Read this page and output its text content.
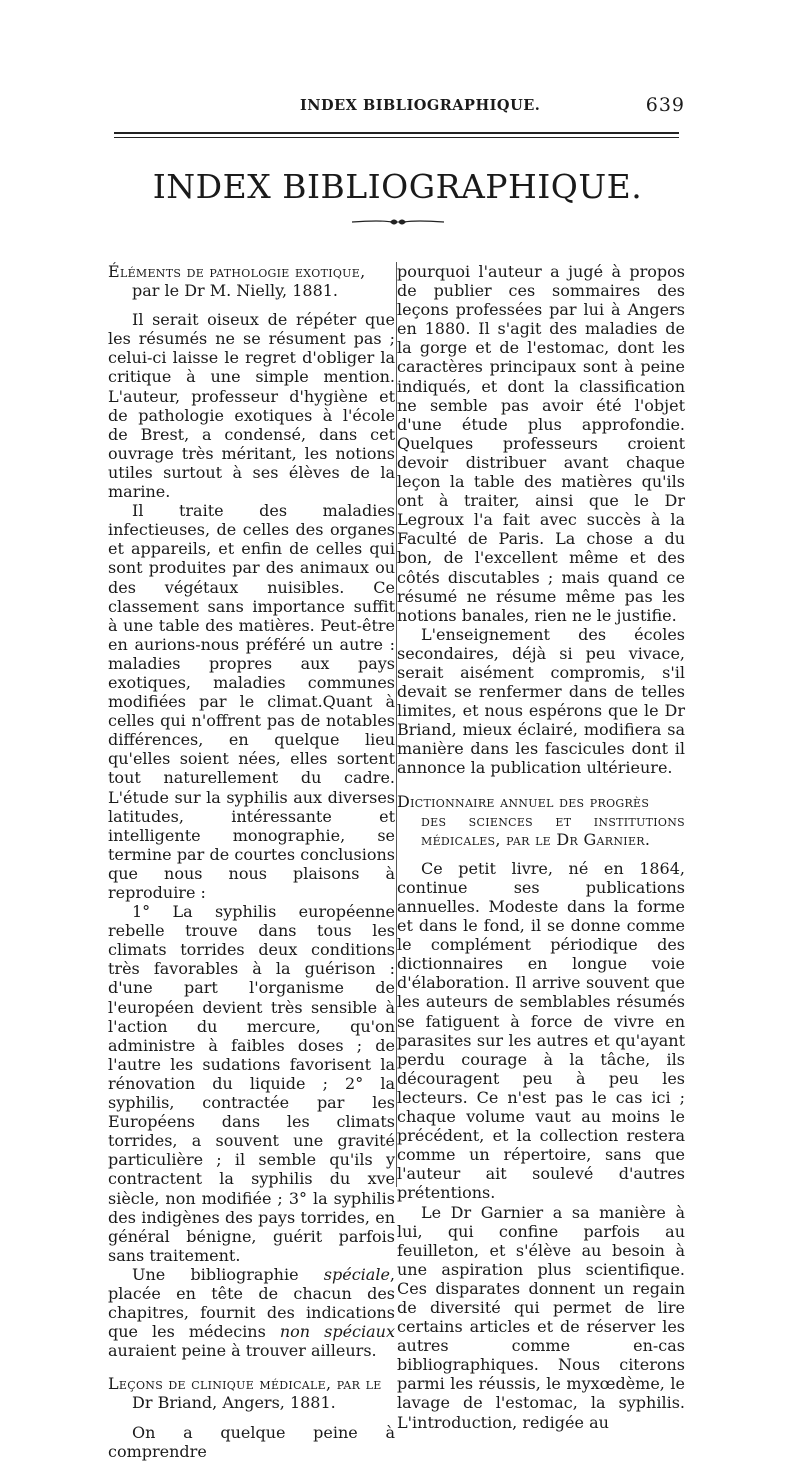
INDEX BIBLIOGRAPHIQUE.	639
INDEX BIBLIOGRAPHIQUE.
Éléments de pathologie exotique,
par le Dr M. Nielly, 1881.

Il serait oiseux de répéter que les résumés ne se résument pas ; celui-ci laisse le regret d'obliger la critique à une simple mention. L'auteur, professeur d'hygiène et de pathologie exotiques à l'école de Brest, a condensé, dans cet ouvrage très méritant, les notions utiles surtout à ses élèves de la marine.

Il traite des maladies infectieuses, de celles des organes et appareils, et enfin de celles qui sont produites par des animaux ou des végétaux nuisibles. Ce classement sans importance suffit à une table des matières. Peut-être en aurions-nous préféré un autre : maladies propres aux pays exotiques, maladies communes modifiées par le climat.Quant à celles qui n'offrent pas de notables différences, en quelque lieu qu'elles soient nées, elles sortent tout naturellement du cadre. L'étude sur la syphilis aux diverses latitudes, intéressante et intelligente monographie, se termine par de courtes conclusions que nous nous plaisons à reproduire :

1° La syphilis européenne rebelle trouve dans tous les climats torrides deux conditions très favorables à la guérison : d'une part l'organisme de l'européen devient très sensible à l'action du mercure, qu'on administre à faibles doses ; de l'autre les sudations favorisent la rénovation du liquide ; 2° la syphilis, contractée par les Européens dans les climats torrides, a souvent une gravité particulière ; il semble qu'ils y contractent la syphilis du xve siècle, non modifiée ; 3° la syphilis des indigènes des pays torrides, en général bénigne, guérit parfois sans traitement.

Une bibliographie spéciale, placée en tête de chacun des chapitres, fournit des indications que les médecins non spéciaux auraient peine à trouver ailleurs.

Leçons de clinique médicale, par le
Dr Briand, Angers, 1881.

On a quelque peine à comprendre

pourquoi l'auteur a jugé à propos de publier ces sommaires des leçons professées par lui à Angers en 1880. Il s'agit des maladies de la gorge et de l'estomac, dont les caractères principaux sont à peine indiqués, et dont la classification ne semble pas avoir été l'objet d'une étude plus approfondie. Quelques professeurs croient devoir distribuer avant chaque leçon la table des matières qu'ils ont à traiter, ainsi que le Dr Legroux l'a fait avec succès à la Faculté de Paris. La chose a du bon, de l'excellent même et des côtés discutables ; mais quand ce résumé ne résume même pas les notions banales, rien ne le justifie.

L'enseignement des écoles secondaires, déjà si peu vivace, serait aisément compromis, s'il devait se renfermer dans de telles limites, et nous espérons que le Dr Briand, mieux éclairé, modifiera sa manière dans les fascicules dont il annonce la publication ultérieure.

Dictionnaire annuel des progrès
des sciences et institutions médicales, par le Dr Garnier.

Ce petit livre, né en 1864, continue ses publications annuelles. Modeste dans la forme et dans le fond, il se donne comme le complément périodique des dictionnaires en longue voie d'élaboration. Il arrive souvent que les auteurs de semblables résumés se fatiguent à force de vivre en parasites sur les autres et qu'ayant perdu courage à la tâche, ils découragent peu à peu les lecteurs. Ce n'est pas le cas ici ; chaque volume vaut au moins le précédent, et la collection restera comme un répertoire, sans que l'auteur ait soulevé d'autres prétentions.

Le Dr Garnier a sa manière à lui, qui confine parfois au feuilleton, et s'élève au besoin à une aspiration plus scientifique. Ces disparates donnent un regain de diversité qui permet de lire certains articles et de réserver les autres comme en-cas bibliographiques. Nous citerons parmi les réussis, le myxœdème, le lavage de l'estomac, la syphilis. L'introduction, redigée au
